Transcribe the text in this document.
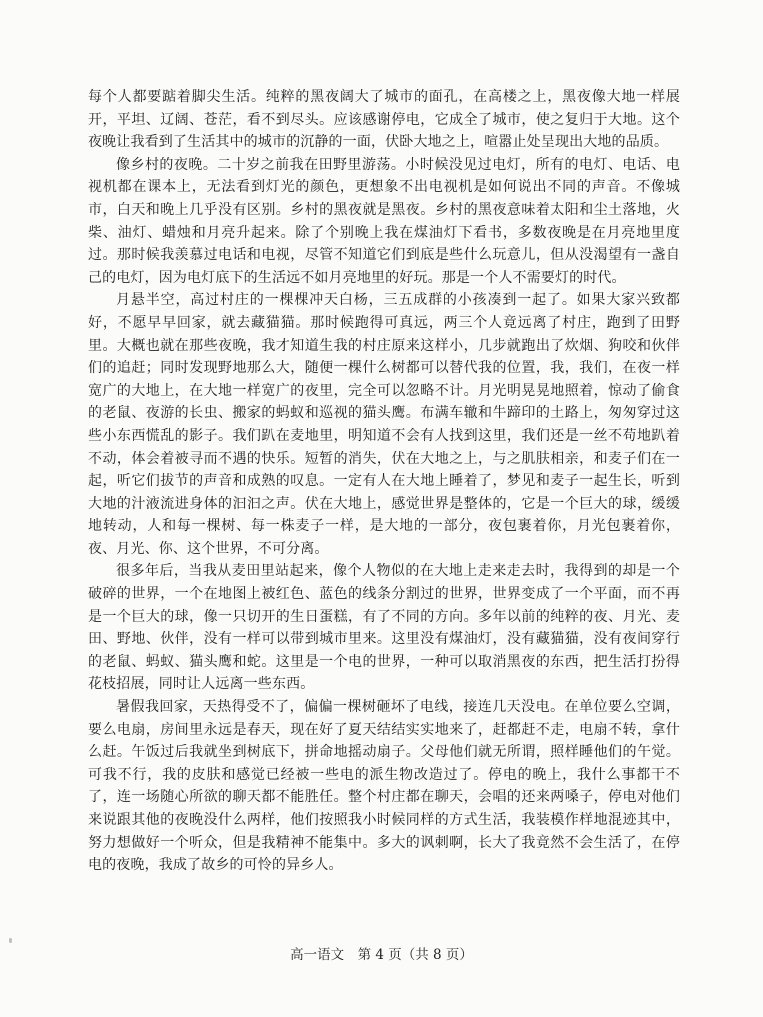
每个人都要踮着脚尖生活。纯粹的黑夜阔大了城市的面孔，在高楼之上，黑夜像大地一样展开，平坦、辽阔、苍茫，看不到尽头。应该感谢停电，它成全了城市，使之复归于大地。这个夜晚让我看到了生活其中的城市的沉静的一面，伏卧大地之上，喧嚣止处呈现出大地的品质。

像乡村的夜晚。二十岁之前我在田野里游荡。小时候没见过电灯，所有的电灯、电话、电视机都在课本上，无法看到灯光的颜色，更想象不出电视机是如何说出不同的声音。不像城市，白天和晚上几乎没有区别。乡村的黑夜就是黑夜。乡村的黑夜意味着太阳和尘土落地，火柴、油灯、蜡烛和月亮升起来。除了个别晚上我在煤油灯下看书，多数夜晚是在月亮地里度过。那时候我羡慕过电话和电视，尽管不知道它们到底是些什么玩意儿，但从没渴望有一盏自己的电灯，因为电灯底下的生活远不如月亮地里的好玩。那是一个人不需要灯的时代。

月悬半空，高过村庄的一棵棵冲天白杨，三五成群的小孩凑到一起了。如果大家兴致都好，不愿早早回家，就去藏猫猫。那时候跑得可真远，两三个人竟远离了村庄，跑到了田野里。大概也就在那些夜晚，我才知道生我的村庄原来这样小，几步就跑出了炊烟、狗咬和伙伴们的追赶；同时发现野地那么大，随便一棵什么树都可以替代我的位置，我，我们，在夜一样宽广的大地上，在大地一样宽广的夜里，完全可以忽略不计。月光明晃晃地照着，惊动了偷食的老鼠、夜游的长虫、搬家的蚂蚁和巡视的猫头鹰。布满车辙和牛蹄印的土路上，匆匆穿过这些小东西慌乱的影子。我们趴在麦地里，明知道不会有人找到这里，我们还是一丝不苟地趴着不动，体会着被寻而不遇的快乐。短暂的消失，伏在大地之上，与之肌肤相亲，和麦子们在一起，听它们拔节的声音和成熟的叹息。一定有人在大地上睡着了，梦见和麦子一起生长，听到大地的汁液流进身体的汩汩之声。伏在大地上，感觉世界是整体的，它是一个巨大的球，缓缓地转动，人和每一棵树、每一株麦子一样，是大地的一部分，夜包裹着你，月光包裹着你，夜、月光、你、这个世界，不可分离。

很多年后，当我从麦田里站起来，像个人物似的在大地上走来走去时，我得到的却是一个破碎的世界，一个在地图上被红色、蓝色的线条分割过的世界，世界变成了一个平面，而不再是一个巨大的球，像一只切开的生日蛋糕，有了不同的方向。多年以前的纯粹的夜、月光、麦田、野地、伙伴，没有一样可以带到城市里来。这里没有煤油灯，没有藏猫猫，没有夜间穿行的老鼠、蚂蚁、猫头鹰和蛇。这里是一个电的世界，一种可以取消黑夜的东西，把生活打扮得花枝招展，同时让人远离一些东西。

暑假我回家，天热得受不了，偏偏一棵树砸坏了电线，接连几天没电。在单位要么空调，要么电扇，房间里永远是春天，现在好了夏天结结实实地来了，赶都赶不走，电扇不转，拿什么赶。午饭过后我就坐到树底下，拼命地摇动扇子。父母他们就无所谓，照样睡他们的午觉。可我不行，我的皮肤和感觉已经被一些电的派生物改造过了。停电的晚上，我什么事都干不了，连一场随心所欲的聊天都不能胜任。整个村庄都在聊天，会唱的还来两嗓子，停电对他们来说跟其他的夜晚没什么两样，他们按照我小时候同样的方式生活，我装模作样地混迹其中，努力想做好一个听众，但是我精神不能集中。多大的讽刺啊，长大了我竟然不会生活了，在停电的夜晚，我成了故乡的可怜的异乡人。

高一语文　第 4 页（共 8 页）
